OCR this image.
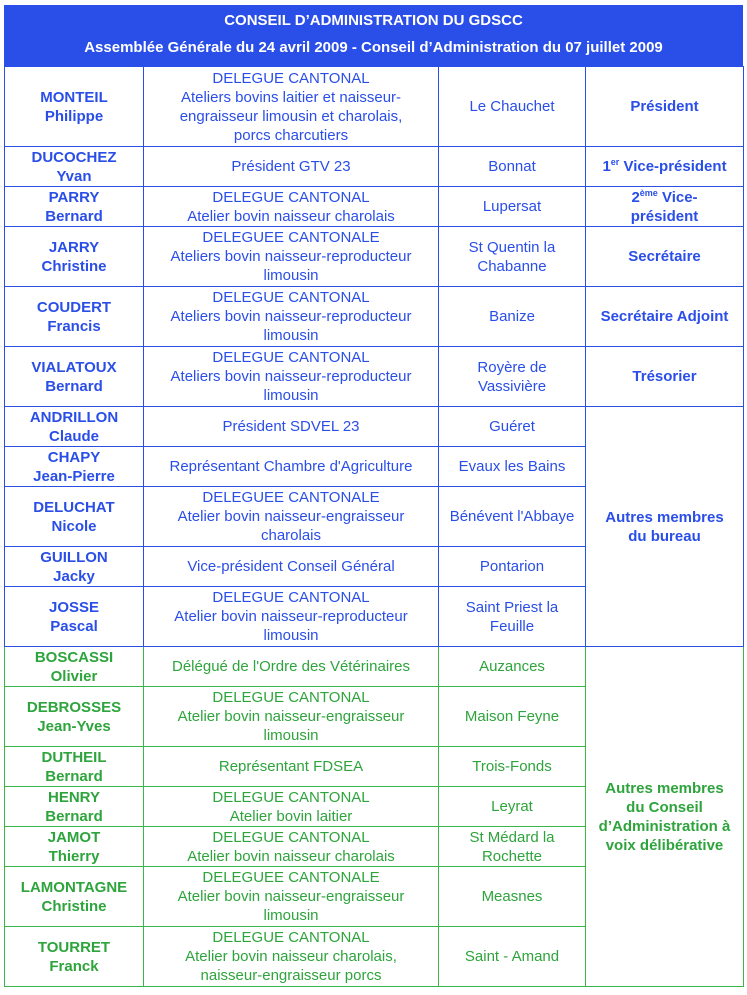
CONSEIL D’ADMINISTRATION DU GDSCC
Assemblée Générale du 24 avril 2009 - Conseil d’Administration du 07 juillet 2009
MONTEIL
Philippe	DELEGUE CANTONAL
Ateliers bovins laitier et naisseur-
engraisseur limousin et charolais,
porcs charcutiers	Le Chauchet	Président

DUCOCHEZ
Yvan	Président GTV 23	Bonnat	1er Vice-président

PARRY
Bernard	DELEGUE CANTONAL
Atelier bovin naisseur charolais	Lupersat	2ème Vice-
président

JARRY
Christine	DELEGUEE CANTONALE
Ateliers bovin naisseur-reproducteur
limousin	St Quentin la
Chabanne	Secrétaire

COUDERT
Francis	DELEGUE CANTONAL
Ateliers bovin naisseur-reproducteur
limousin	Banize	Secrétaire Adjoint

VIALATOUX
Bernard	DELEGUE CANTONAL
Ateliers bovin naisseur-reproducteur
limousin	Royère de
Vassivière	Trésorier

ANDRILLON
Claude	Président SDVEL 23	Guéret	Autres membres
du bureau

CHAPY
Jean-Pierre	Représentant Chambre d'Agriculture	Evaux les Bains	

DELUCHAT
Nicole	DELEGUEE CANTONALE
Atelier bovin naisseur-engraisseur
charolais	Bénévent l'Abbaye	

GUILLON
Jacky	Vice-président Conseil Général	Pontarion	

JOSSE
Pascal	DELEGUE CANTONAL
Atelier bovin naisseur-reproducteur
limousin	Saint Priest la
Feuille	

BOSCASSI
Olivier	Délégué de l'Ordre des Vétérinaires	Auzances	Autres membres
du Conseil
d’Administration à
voix délibérative

DEBROSSES
Jean-Yves	DELEGUE CANTONAL
Atelier bovin naisseur-engraisseur
limousin	Maison Feyne	

DUTHEIL
Bernard	Représentant FDSEA	Trois-Fonds	

HENRY
Bernard	DELEGUE CANTONAL
Atelier bovin laitier	Leyrat	

JAMOT
Thierry	DELEGUE CANTONAL
Atelier bovin naisseur charolais	St Médard la
Rochette	

LAMONTAGNE
Christine	DELEGUEE CANTONALE
Atelier bovin naisseur-engraisseur
limousin	Measnes	

TOURRET
Franck	DELEGUE CANTONAL
Atelier bovin naisseur charolais,
naisseur-engraisseur porcs	Saint - Amand	
